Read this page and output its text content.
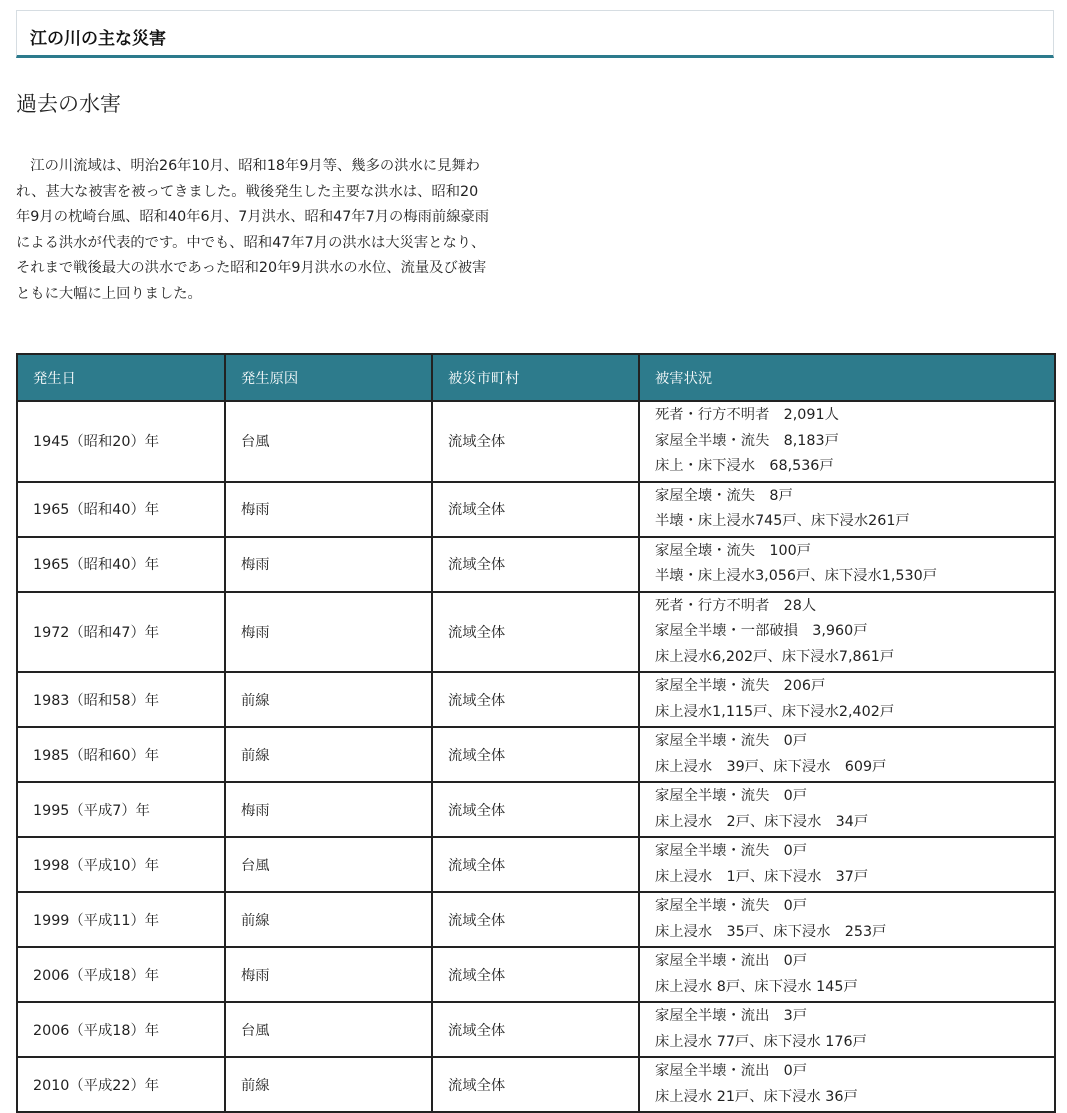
江の川の主な災害
過去の水害

江の川流域は、明治26年10月、昭和18年9月等、幾多の洪水に見舞われ、甚大な被害を被ってきました。戦後発生した主要な洪水は、昭和20年9月の枕崎台風、昭和40年6月、7月洪水、昭和47年7月の梅雨前線豪雨による洪水が代表的です。中でも、昭和47年7月の洪水は大災害となり、それまで戦後最大の洪水であった昭和20年9月洪水の水位、流量及び被害ともに大幅に上回りました。

発生日	発生原因	被災市町村	被害状況
1945（昭和20）年	台風	流域全体	死者・行方不明者　2,091人
家屋全半壊・流失　8,183戸
床上・床下浸水　68,536戸

1965（昭和40）年	梅雨	流域全体	家屋全壊・流失　8戸
半壊・床上浸水745戸、床下浸水261戸

1965（昭和40）年	梅雨	流域全体	家屋全壊・流失　100戸
半壊・床上浸水3,056戸、床下浸水1,530戸

1972（昭和47）年	梅雨	流域全体	死者・行方不明者　28人
家屋全半壊・一部破損　3,960戸
床上浸水6,202戸、床下浸水7,861戸

1983（昭和58）年	前線	流域全体	家屋全半壊・流失　206戸
床上浸水1,115戸、床下浸水2,402戸

1985（昭和60）年	前線	流域全体	家屋全半壊・流失　0戸
床上浸水　39戸、床下浸水　609戸

1995（平成7）年	梅雨	流域全体	家屋全半壊・流失　0戸
床上浸水　2戸、床下浸水　34戸

1998（平成10）年	台風	流域全体	家屋全半壊・流失　0戸
床上浸水　1戸、床下浸水　37戸

1999（平成11）年	前線	流域全体	家屋全半壊・流失　0戸
床上浸水　35戸、床下浸水　253戸

2006（平成18）年	梅雨	流域全体	家屋全半壊・流出　0戸
床上浸水 8戸、床下浸水 145戸

2006（平成18）年	台風	流域全体	家屋全半壊・流出　3戸
床上浸水 77戸、床下浸水 176戸

2010（平成22）年	前線	流域全体	家屋全半壊・流出　0戸
床上浸水 21戸、床下浸水 36戸
